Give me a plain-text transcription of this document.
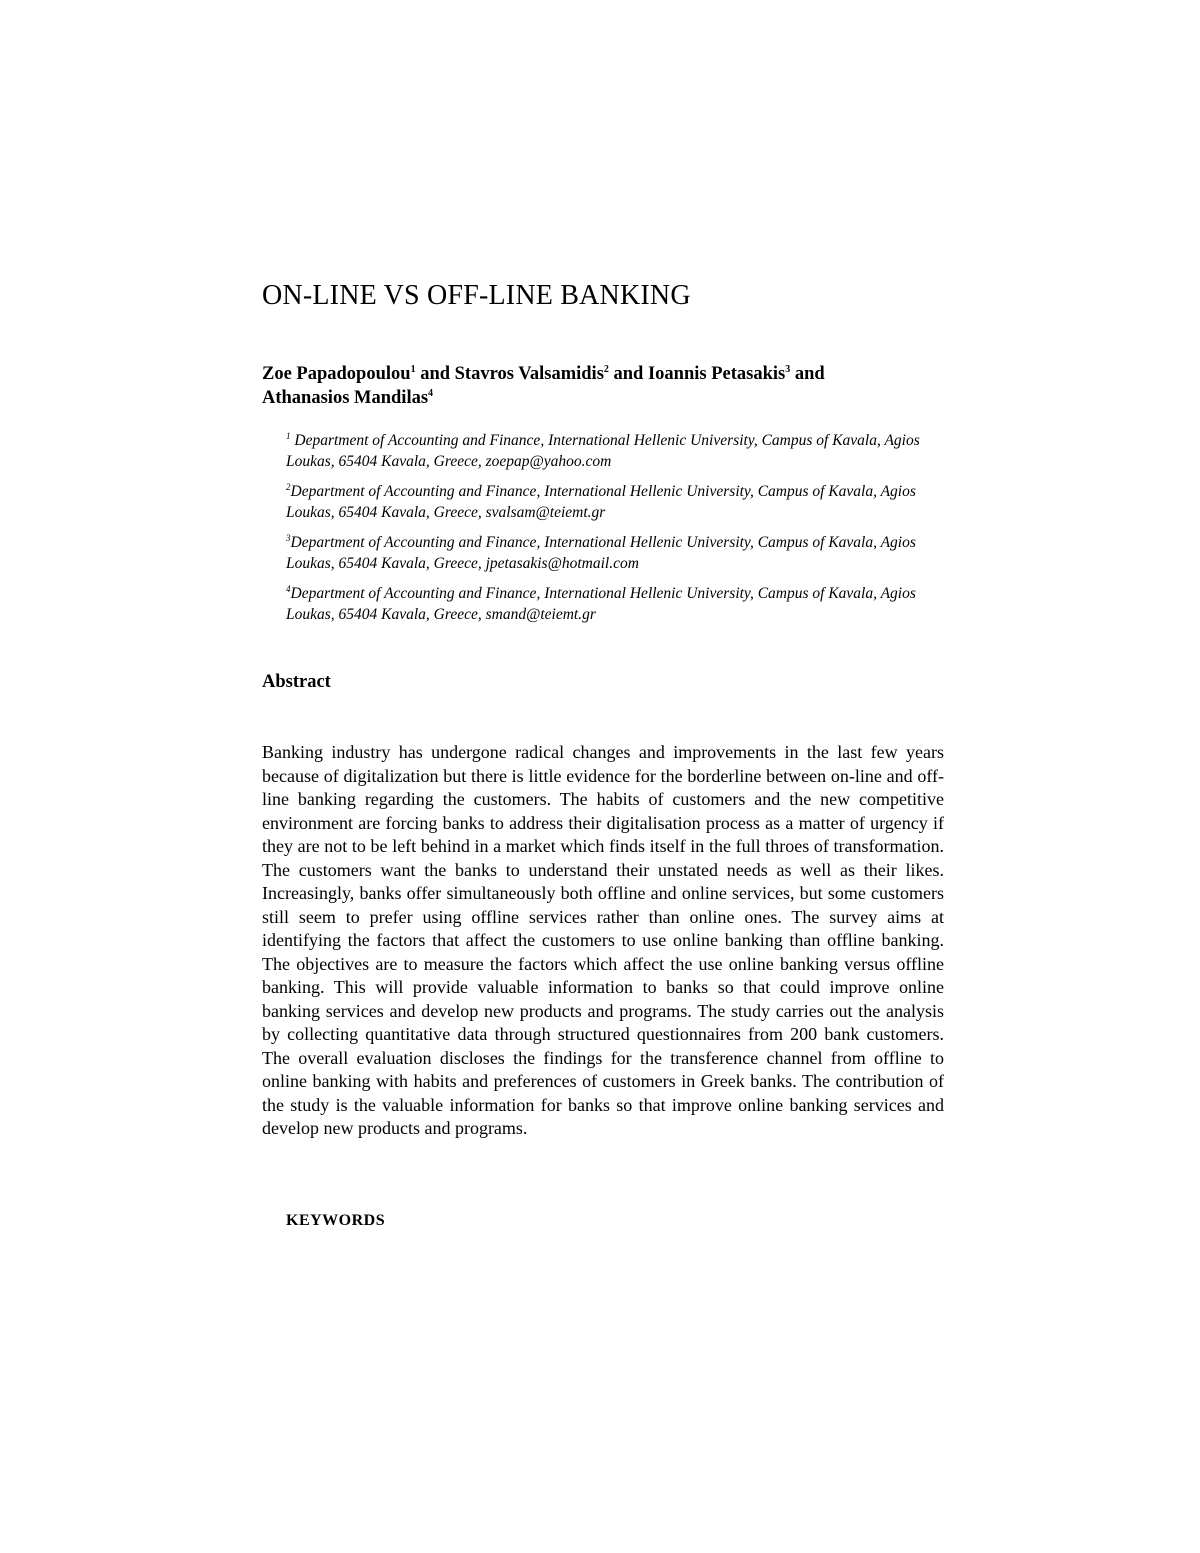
ON-LINE VS OFF-LINE BANKING

Zoe Papadopoulou$^1$ and Stavros Valsamidis$^2$ and Ioannis Petasakis$^3$ and Athanasios Mandilas$^4$

$^1$ Department of Accounting and Finance, International Hellenic University, Campus of Kavala, Agios Loukas, 65404 Kavala, Greece, zoepap@yahoo.com

$^2$Department of Accounting and Finance, International Hellenic University, Campus of Kavala, Agios Loukas, 65404 Kavala, Greece, svalsam@teiemt.gr

$^3$Department of Accounting and Finance, International Hellenic University, Campus of Kavala, Agios Loukas, 65404 Kavala, Greece, jpetasakis@hotmail.com

$^4$Department of Accounting and Finance, International Hellenic University, Campus of Kavala, Agios Loukas, 65404 Kavala, Greece, smand@teiemt.gr

Abstract

Banking industry has undergone radical changes and improvements in the last few years because of digitalization but there is little evidence for the borderline between on-line and off-line banking regarding the customers. The habits of customers and the new competitive environment are forcing banks to address their digitalisation process as a matter of urgency if they are not to be left behind in a market which finds itself in the full throes of transformation. The customers want the banks to understand their unstated needs as well as their likes. Increasingly, banks offer simultaneously both offline and online services, but some customers still seem to prefer using offline services rather than online ones. The survey aims at identifying the factors that affect the customers to use online banking than offline banking. The objectives are to measure the factors which affect the use online banking versus offline banking. This will provide valuable information to banks so that could improve online banking services and develop new products and programs. The study carries out the analysis by collecting quantitative data through structured questionnaires from 200 bank customers. The overall evaluation discloses the findings for the transference channel from offline to online banking with habits and preferences of customers in Greek banks. The contribution of the study is the valuable information for banks so that improve online banking services and develop new products and programs.

KEYWORDS
